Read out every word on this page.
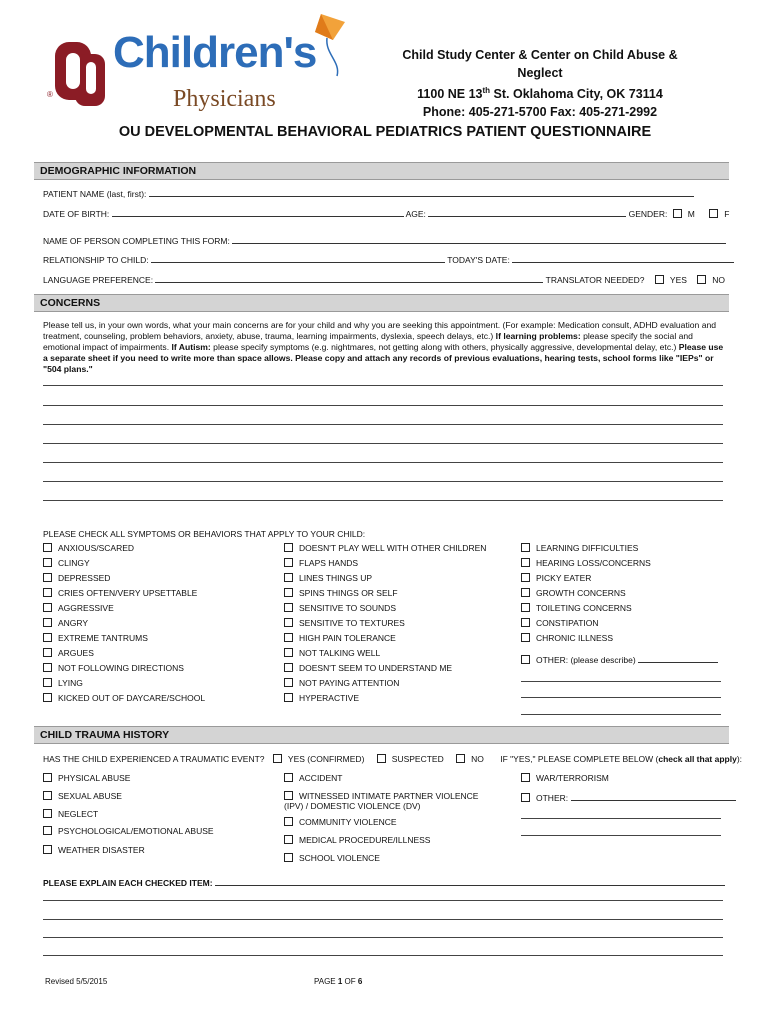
®
Children's
Physicians
Child Study Center & Center on Child Abuse & Neglect
1100 NE 13th St. Oklahoma City, OK 73114
Phone: 405-271-5700 Fax: 405-271-2992
OU DEVELOPMENTAL BEHAVIORAL PEDIATRICS PATIENT QUESTIONNAIRE
DEMOGRAPHIC INFORMATION
PATIENT NAME (last, first):
DATE OF BIRTH:	AGE:	GENDER: M	F
NAME OF PERSON COMPLETING THIS FORM:
RELATIONSHIP TO CHILD:	TODAY'S DATE:
LANGUAGE PREFERENCE:	TRANSLATOR NEEDED?	YES	NO
CONCERNS
Please tell us, in your own words, what your main concerns are for your child and why you are seeking this appointment. (For example: Medication consult, ADHD evaluation and treatment, counseling, problem behaviors, anxiety, abuse, trauma, learning impairments, dyslexia, speech delays, etc.) If learning problems: please specify the social and emotional impact of impairments. If Autism: please specify symptoms (e.g. nightmares, not getting along with others, physically aggressive, developmental delay, etc.) Please use a separate sheet if you need to write more than space allows. Please copy and attach any records of previous evaluations, hearing tests, school forms like "IEPs" or "504 plans."
PLEASE CHECK ALL SYMPTOMS OR BEHAVIORS THAT APPLY TO YOUR CHILD:
ANXIOUS/SCARED
CLINGY
DEPRESSED
CRIES OFTEN/VERY UPSETTABLE
AGGRESSIVE
ANGRY
EXTREME TANTRUMS
ARGUES
NOT FOLLOWING DIRECTIONS
LYING
KICKED OUT OF DAYCARE/SCHOOL
DOESN'T PLAY WELL WITH OTHER CHILDREN
FLAPS HANDS
LINES THINGS UP
SPINS THINGS OR SELF
SENSITIVE TO SOUNDS
SENSITIVE TO TEXTURES
HIGH PAIN TOLERANCE
NOT TALKING WELL
DOESN'T SEEM TO UNDERSTAND ME
NOT PAYING ATTENTION
HYPERACTIVE
LEARNING DIFFICULTIES
HEARING LOSS/CONCERNS
PICKY EATER
GROWTH CONCERNS
TOILETING CONCERNS
CONSTIPATION
CHRONIC ILLNESS
OTHER: (please describe)
CHILD TRAUMA HISTORY
HAS THE CHILD EXPERIENCED A TRAUMATIC EVENT?	YES (CONFIRMED)	SUSPECTED	NO IF "YES," PLEASE COMPLETE BELOW (check all that apply):
PHYSICAL ABUSE
SEXUAL ABUSE
NEGLECT
PSYCHOLOGICAL/EMOTIONAL ABUSE
WEATHER DISASTER
ACCIDENT
WITNESSED INTIMATE PARTNER VIOLENCE
COMMUNITY VIOLENCE
MEDICAL PROCEDURE/ILLNESS
SCHOOL VIOLENCE
(IPV) / DOMESTIC VIOLENCE (DV)
WAR/TERRORISM
OTHER:
PLEASE EXPLAIN EACH CHECKED ITEM:
Revised 5/5/2015	PAGE 1 OF 6
